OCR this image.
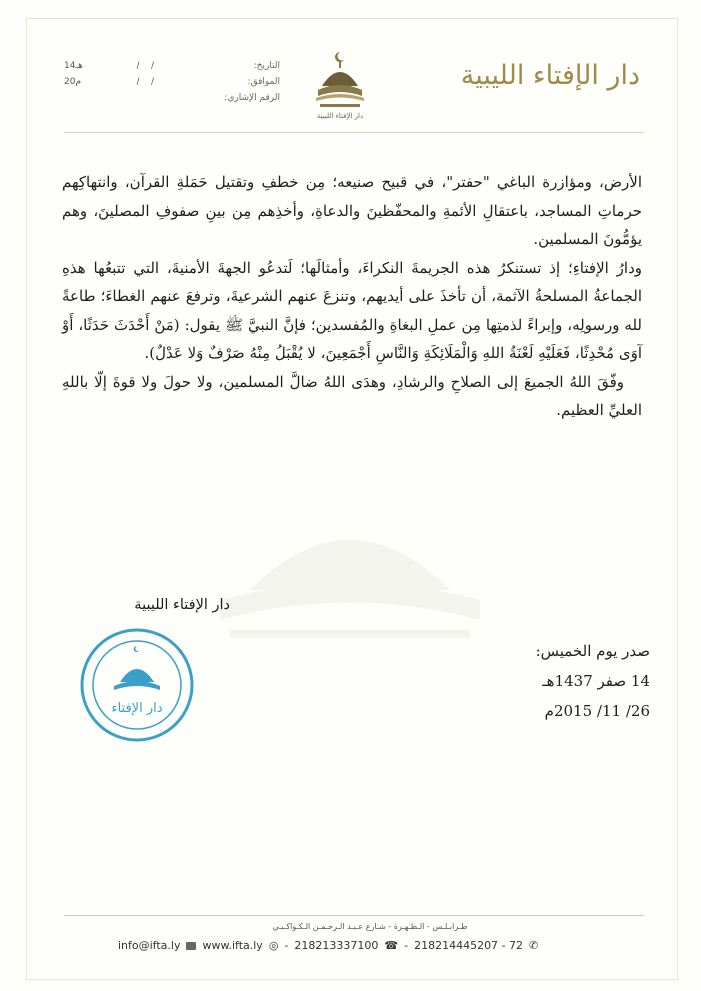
14هـ	/    /
20م	/    /
التاريخ:
الموافق:
الرقم الإشاري:
دار الإفتاء الليبية
دار الإفتاء الليبية

الأرض، ومؤازرة الباغي "حفتر"، في قبيح صنيعه؛ مِن خطفِ وتقتيل حَمَلةِ القرآن، وانتهاكِهم حرماتِ المساجد، باعتقالِ الأئمةِ والمحفّظينَ والدعاةِ، وأخذِهم مِن بينِ صفوفِ المصلينَ، وهم يؤمُّونَ المسلمين.

ودارُ الإفتاءِ؛ إذ تستنكرُ هذه الجريمةَ النكراءَ، وأمثالَها؛ لَتدعُو الجهةَ الأمنيةَ، التي تتبعُها هذهِ الجماعةُ المسلحةُ الآثمة، أن تأخذَ على أيديهم، وتنزعَ عنهم الشرعيةَ، وترفعَ عنهم الغطاءَ؛ طاعةً لله ورسولِه، وإبراءً لذمتِها مِن عملِ البغاةِ والمُفسدين؛ فإنَّ النبيَّ ﷺ يقول: (مَنْ أَحْدَثَ حَدَثًا، أَوْ آوَى مُحْدِثًا، فَعَلَيْهِ لَعْنَةُ اللهِ وَالْمَلَائِكَةِ وَالنَّاسِ أَجْمَعِينَ، لا يُقْبَلُ مِنْهُ صَرْفٌ وَلا عَدْلٌ).

وفّقَ اللهُ الجميعَ إلى الصلاحِ والرشادِ، وهدَى اللهُ ضالَّ المسلمين، ولا حولَ ولا قوةَ إلّا باللهِ العليِّ العظيم.

دار الإفتاء الليبية
دار الإفتاء
صدر يوم الخميس:
14 صفر 1437هـ
26/ 11/ 2015م
طـرابـلـس - الـظـهـرة - شـارع عـبـد الـرحـمـن الـكـواكـبـي
info@ifta.ly www.ifta.ly ◎ - 218213337100 ☎ - 218214445207 - 72 ✆
